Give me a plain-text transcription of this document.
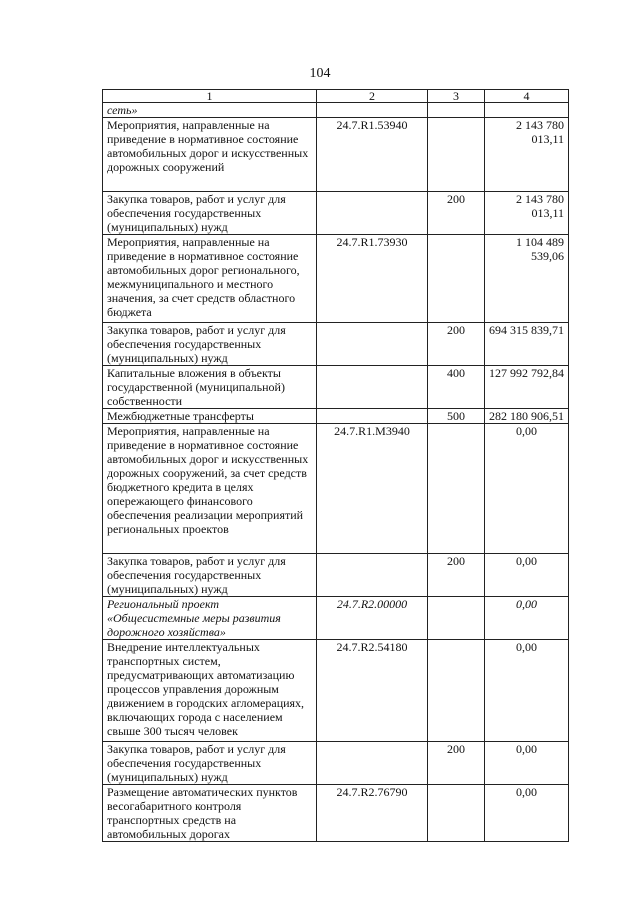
104
1	2	3	4
сеть»			
Мероприятия, направленные на приведение в нормативное состояние автомобильных дорог и искусственных дорожных сооружений	24.7.R1.53940		2 143 780 013,11
Закупка товаров, работ и услуг для обеспечения государственных (муниципальных) нужд		200	2 143 780 013,11
Мероприятия, направленные на приведение в нормативное состояние автомобильных дорог регионального, межмуниципального и местного значения, за счет средств областного бюджета	24.7.R1.73930		1 104 489 539,06
Закупка товаров, работ и услуг для обеспечения государственных (муниципальных) нужд		200	694 315 839,71
Капитальные вложения в объекты государственной (муниципальной) собственности		400	127 992 792,84
Межбюджетные трансферты		500	282 180 906,51
Мероприятия, направленные на приведение в нормативное состояние автомобильных дорог и искусственных дорожных сооружений, за счет средств бюджетного кредита в целях опережающего финансового обеспечения реализации мероприятий региональных проектов	24.7.R1.M3940		0,00
Закупка товаров, работ и услуг для обеспечения государственных (муниципальных) нужд		200	0,00
Региональный проект «Общесистемные меры развития дорожного хозяйства»	24.7.R2.00000		0,00
Внедрение интеллектуальных транспортных систем, предусматривающих автоматизацию процессов управления дорожным движением в городских агломерациях, включающих города с населением свыше 300 тысяч человек	24.7.R2.54180		0,00
Закупка товаров, работ и услуг для обеспечения государственных (муниципальных) нужд		200	0,00
Размещение автоматических пунктов весогабаритного контроля транспортных средств на автомобильных дорогах	24.7.R2.76790		0,00
